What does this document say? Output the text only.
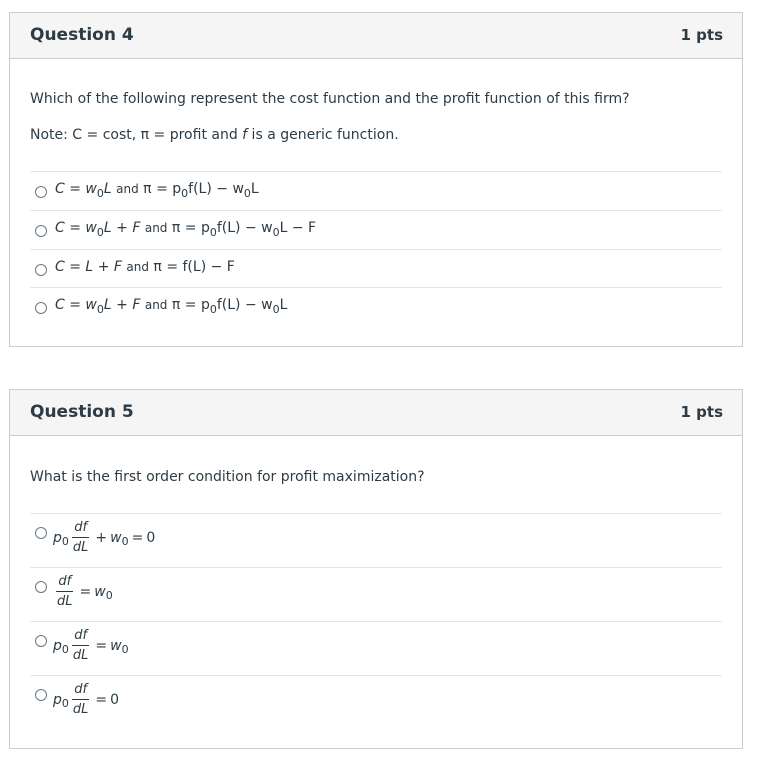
Question 4	1 pts
Which of the following represent the cost function and the profit function of this firm?
Note: C = cost, π = profit and f is a generic function.
$C = w_0L$ and $\pi = p_0f(L) - w_0L$
$C = w_0L + F$ and $\pi = p_0f(L) - w_0L - F$
C = L + F and π = f(L) − F
$C = w_0L + F$ and $\pi = p_0f(L) - w_0L$
Question 5	1 pts
What is the first order condition for profit maximization?
p $0 \frac{df}{dL} + w$ 0 = 0
$\frac{df}{dL} = w$ 0
p $0 \frac{df}{dL} = w$ 0
p $0 \frac{df}{dL} = 0$
